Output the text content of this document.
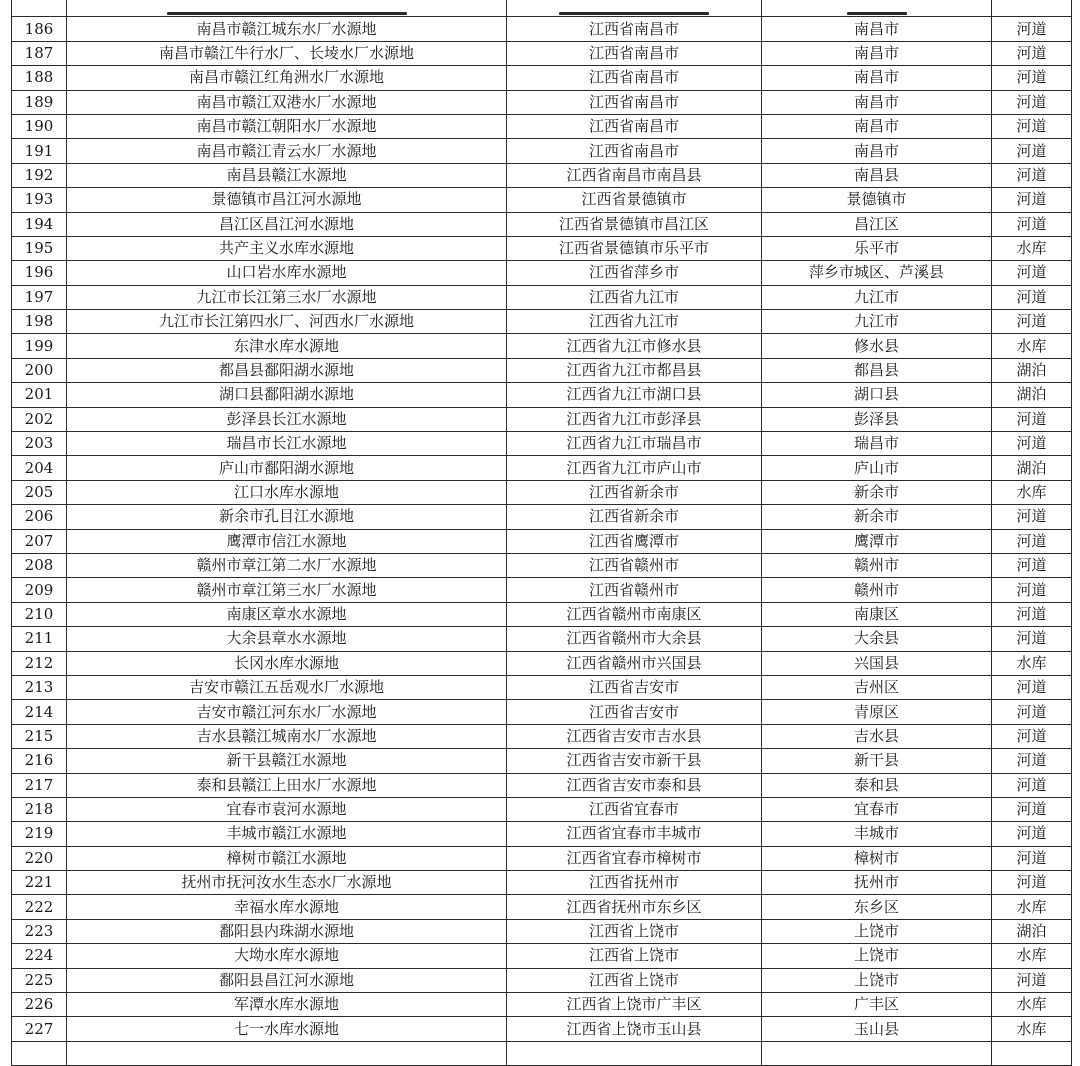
186	南昌市赣江城东水厂水源地	江西省南昌市	南昌市	河道
187	南昌市赣江牛行水厂、长堎水厂水源地	江西省南昌市	南昌市	河道
188	南昌市赣江红角洲水厂水源地	江西省南昌市	南昌市	河道
189	南昌市赣江双港水厂水源地	江西省南昌市	南昌市	河道
190	南昌市赣江朝阳水厂水源地	江西省南昌市	南昌市	河道
191	南昌市赣江青云水厂水源地	江西省南昌市	南昌市	河道
192	南昌县赣江水源地	江西省南昌市南昌县	南昌县	河道
193	景德镇市昌江河水源地	江西省景德镇市	景德镇市	河道
194	昌江区昌江河水源地	江西省景德镇市昌江区	昌江区	河道
195	共产主义水库水源地	江西省景德镇市乐平市	乐平市	水库
196	山口岩水库水源地	江西省萍乡市	萍乡市城区、芦溪县	河道
197	九江市长江第三水厂水源地	江西省九江市	九江市	河道
198	九江市长江第四水厂、河西水厂水源地	江西省九江市	九江市	河道
199	东津水库水源地	江西省九江市修水县	修水县	水库
200	都昌县鄱阳湖水源地	江西省九江市都昌县	都昌县	湖泊
201	湖口县鄱阳湖水源地	江西省九江市湖口县	湖口县	湖泊
202	彭泽县长江水源地	江西省九江市彭泽县	彭泽县	河道
203	瑞昌市长江水源地	江西省九江市瑞昌市	瑞昌市	河道
204	庐山市鄱阳湖水源地	江西省九江市庐山市	庐山市	湖泊
205	江口水库水源地	江西省新余市	新余市	水库
206	新余市孔目江水源地	江西省新余市	新余市	河道
207	鹰潭市信江水源地	江西省鹰潭市	鹰潭市	河道
208	赣州市章江第二水厂水源地	江西省赣州市	赣州市	河道
209	赣州市章江第三水厂水源地	江西省赣州市	赣州市	河道
210	南康区章水水源地	江西省赣州市南康区	南康区	河道
211	大余县章水水源地	江西省赣州市大余县	大余县	河道
212	长冈水库水源地	江西省赣州市兴国县	兴国县	水库
213	吉安市赣江五岳观水厂水源地	江西省吉安市	吉州区	河道
214	吉安市赣江河东水厂水源地	江西省吉安市	青原区	河道
215	吉水县赣江城南水厂水源地	江西省吉安市吉水县	吉水县	河道
216	新干县赣江水源地	江西省吉安市新干县	新干县	河道
217	泰和县赣江上田水厂水源地	江西省吉安市泰和县	泰和县	河道
218	宜春市袁河水源地	江西省宜春市	宜春市	河道
219	丰城市赣江水源地	江西省宜春市丰城市	丰城市	河道
220	樟树市赣江水源地	江西省宜春市樟树市	樟树市	河道
221	抚州市抚河汝水生态水厂水源地	江西省抚州市	抚州市	河道
222	幸福水库水源地	江西省抚州市东乡区	东乡区	水库
223	鄱阳县内珠湖水源地	江西省上饶市	上饶市	湖泊
224	大坳水库水源地	江西省上饶市	上饶市	水库
225	鄱阳县昌江河水源地	江西省上饶市	上饶市	河道
226	军潭水库水源地	江西省上饶市广丰区	广丰区	水库
227	七一水库水源地	江西省上饶市玉山县	玉山县	水库
